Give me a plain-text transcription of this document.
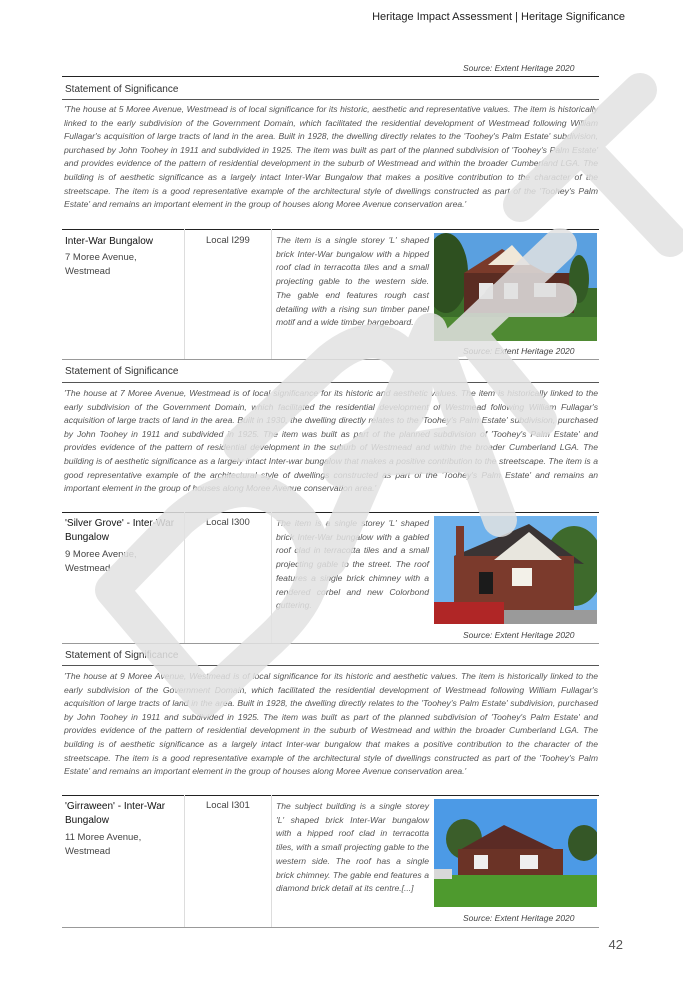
Heritage Impact Assessment | Heritage Significance
Source: Extent Heritage 2020
Statement of Significance

'The house at 5 Moree Avenue, Westmead is of local significance for its historic, aesthetic and representative values. The item is historically linked to the early subdivision of the Government Domain, which facilitated the residential development of Westmead following William Fullagar's acquisition of large tracts of land in the area. Built in 1928, the dwelling directly relates to the 'Toohey's Palm Estate' subdivision, purchased by John Toohey in 1911 and subdivided in 1925. The item was built as part of the planned subdivision of 'Toohey's Palm Estate' and provides evidence of the pattern of residential development in the suburb of Westmead and within the broader Cumberland LGA. The building is of aesthetic significance as a largely intact Inter-War Bungalow that makes a positive contribution to the character of the streetscape. The item is a good representative example of the architectural style of dwellings constructed as part of the 'Toohey's Palm Estate' and remains an important element in the group of houses along Moree Avenue conservation area.'

Inter-War Bungalow
7 Moree Avenue, Westmead
Local I299	The item is a single storey 'L' shaped brick Inter-War bungalow with a hipped roof clad in terracotta tiles and a small projecting gable to the western side. The gable end features rough cast detailing with a rising sun timber panel motif and a wide timber bargeboard.

Source: Extent Heritage 2020
Statement of Significance

'The house at 7 Moree Avenue, Westmead is of local significance for its historic and aesthetic values. The item is historically linked to the early subdivision of the Government Domain, which facilitated the residential development of Westmead following William Fullagar's acquisition of large tracts of land in the area. Built in 1930, the dwelling directly relates to the 'Toohey's Palm Estate' subdivision, purchased by John Toohey in 1911 and subdivided in 1925. The item was built as part of the planned subdivision of 'Toohey's Palm Estate' and provides evidence of the pattern of residential development in the suburb of Westmead and within the broader Cumberland LGA. The building is of aesthetic significance as a largely intact Inter-war bungalow that makes a positive contribution to the streetscape. The item is a good representative example of the architectural style of dwellings constructed as part of the 'Toohey's Palm Estate' and remains an important element in the group of houses along Moree Avenue conservation area.'

'Silver Grove' - Inter-War Bungalow
9 Moree Avenue, Westmead
Local I300	The item is a single storey 'L' shaped brick Inter-War bungalow with a gabled roof clad in terracotta tiles and a small projecting gable to the street. The roof features a single brick chimney with a rendered corbel and new Colorbond guttering.

Source: Extent Heritage 2020
Statement of Significance

'The house at 9 Moree Avenue, Westmead is of local significance for its historic and aesthetic values. The item is historically linked to the early subdivision of the Government Domain, which facilitated the residential development of Westmead following William Fullagar's acquisition of large tracts of land in the area. Built in 1928, the dwelling directly relates to the 'Toohey's Palm Estate' subdivision, purchased by John Toohey in 1911 and subdivided in 1925. The item was built as part of the planned subdivision of 'Toohey's Palm Estate' and provides evidence of the pattern of residential development in the suburb of Westmead and within the broader Cumberland LGA. The building is of aesthetic significance as a largely intact Inter-war bungalow that makes a positive contribution to the character of the streetscape. The item is a good representative example of the architectural style of dwellings constructed as part of the 'Toohey's Palm Estate' and remains an important element in the group of houses along Moree Avenue conservation area.'

'Girraween' - Inter-War Bungalow
11 Moree Avenue, Westmead
Local I301	The subject building is a single storey 'L' shaped brick Inter-War bungalow with a hipped roof clad in terracotta tiles, with a small projecting gable to the western side. The roof has a single brick chimney. The gable end features a diamond brick detail at its centre.[...]

Source: Extent Heritage 2020
42
